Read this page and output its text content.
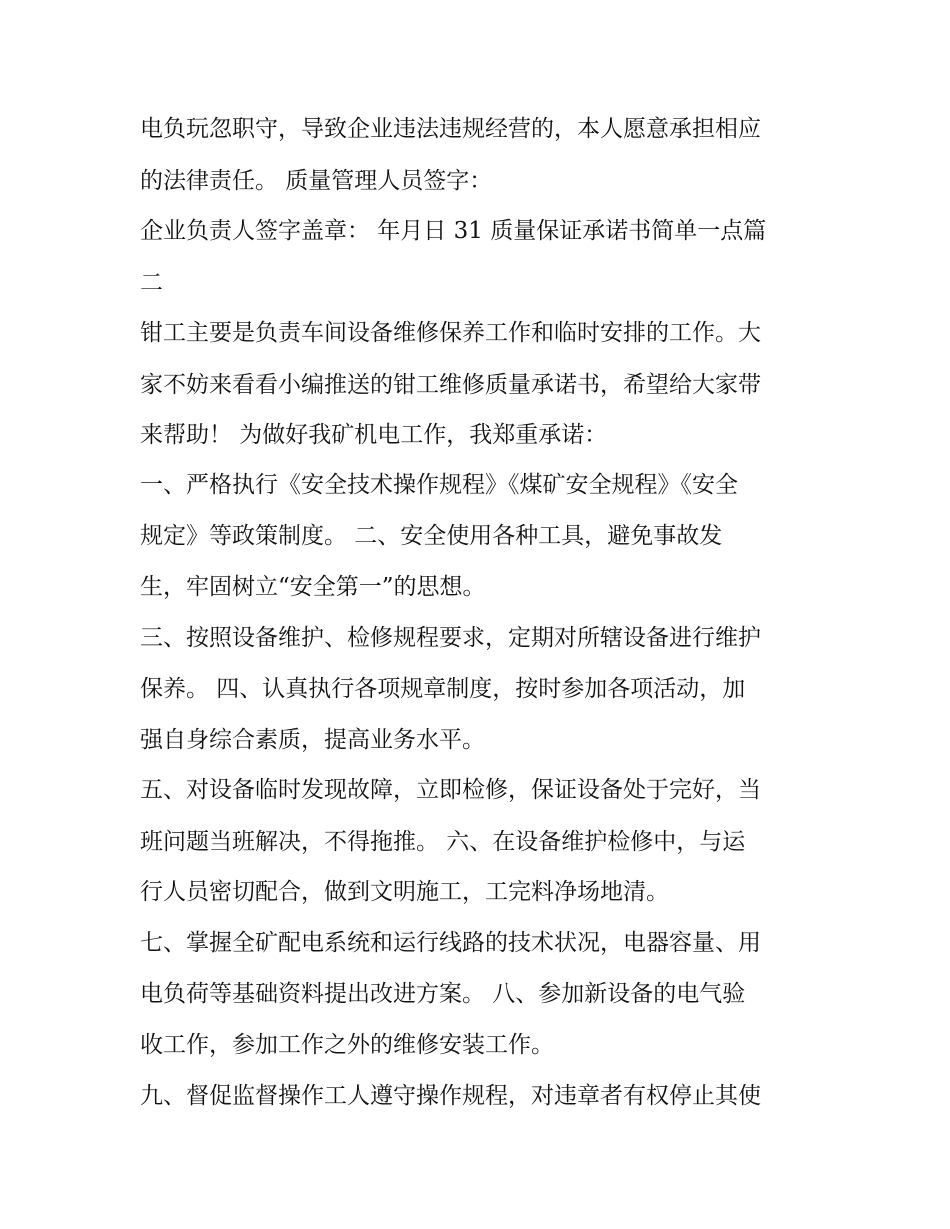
电负玩忽职守，导致企业违法违规经营的，本人愿意承担相应
的法律责任。 质量管理人员签字：
企业负责人签字盖章： 年月日 31 质量保证承诺书简单一点篇
二
钳工主要是负责车间设备维修保养工作和临时安排的工作。大
家不妨来看看小编推送的钳工维修质量承诺书，希望给大家带
来帮助！ 为做好我矿机电工作，我郑重承诺：
一、严格执行《安全技术操作规程》《煤矿安全规程》《安全
规定》等政策制度。 二、安全使用各种工具，避免事故发
生，牢固树立“安全第一”的思想。
三、按照设备维护、检修规程要求，定期对所辖设备进行维护
保养。 四、认真执行各项规章制度，按时参加各项活动，加
强自身综合素质，提高业务水平。
五、对设备临时发现故障，立即检修，保证设备处于完好，当
班问题当班解决，不得拖推。 六、在设备维护检修中，与运
行人员密切配合，做到文明施工，工完料净场地清。
七、掌握全矿配电系统和运行线路的技术状况，电器容量、用
电负荷等基础资料提出改进方案。 八、参加新设备的电气验
收工作，参加工作之外的维修安装工作。
九、督促监督操作工人遵守操作规程，对违章者有权停止其使
